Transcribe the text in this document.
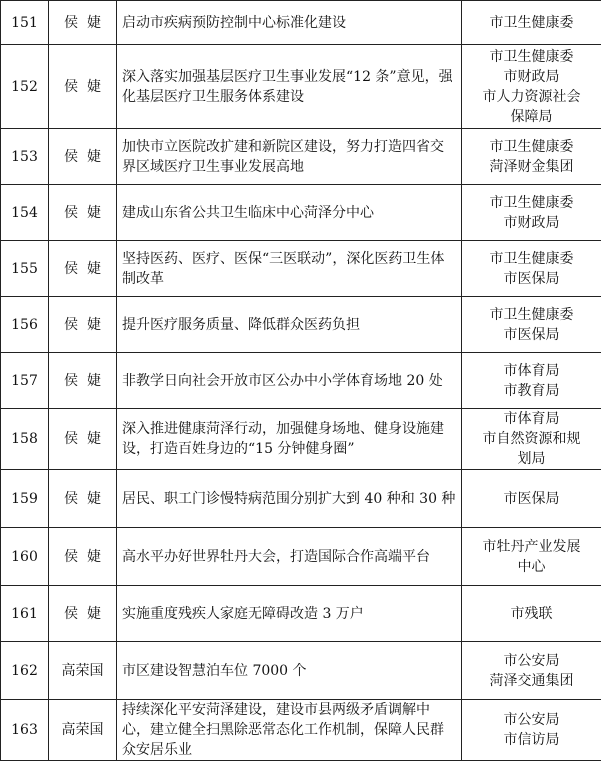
151	侯  婕	启动市疾病预防控制中心标准化建设	市卫生健康委

152	侯  婕	深入落实加强基层医疗卫生事业发展“12 条”意见，强化基层医疗卫生服务体系建设	市卫生健康委
市财政局
市人力资源社会
保障局

153	侯  婕	加快市立医院改扩建和新院区建设，努力打造四省交界区域医疗卫生事业发展高地	市卫生健康委
菏泽财金集团

154	侯  婕	建成山东省公共卫生临床中心菏泽分中心	市卫生健康委
市财政局

155	侯  婕	坚持医药、医疗、医保“三医联动”，深化医药卫生体制改革	市卫生健康委
市医保局

156	侯  婕	提升医疗服务质量、降低群众医药负担	市卫生健康委
市医保局

157	侯  婕	非教学日向社会开放市区公办中小学体育场地 20 处	市体育局
市教育局

158	侯  婕	深入推进健康菏泽行动，加强健身场地、健身设施建设，打造百姓身边的“15 分钟健身圈”	市体育局
市自然资源和规
划局

159	侯  婕	居民、职工门诊慢特病范围分别扩大到 40 种和 30 种	市医保局

160	侯  婕	高水平办好世界牡丹大会，打造国际合作高端平台	市牡丹产业发展
中心

161	侯  婕	实施重度残疾人家庭无障碍改造 3 万户	市残联

162	高荣国	市区建设智慧泊车位 7000 个	市公安局
菏泽交通集团

163	高荣国	持续深化平安菏泽建设，建设市县两级矛盾调解中心，建立健全扫黑除恶常态化工作机制，保障人民群众安居乐业	市公安局
市信访局
